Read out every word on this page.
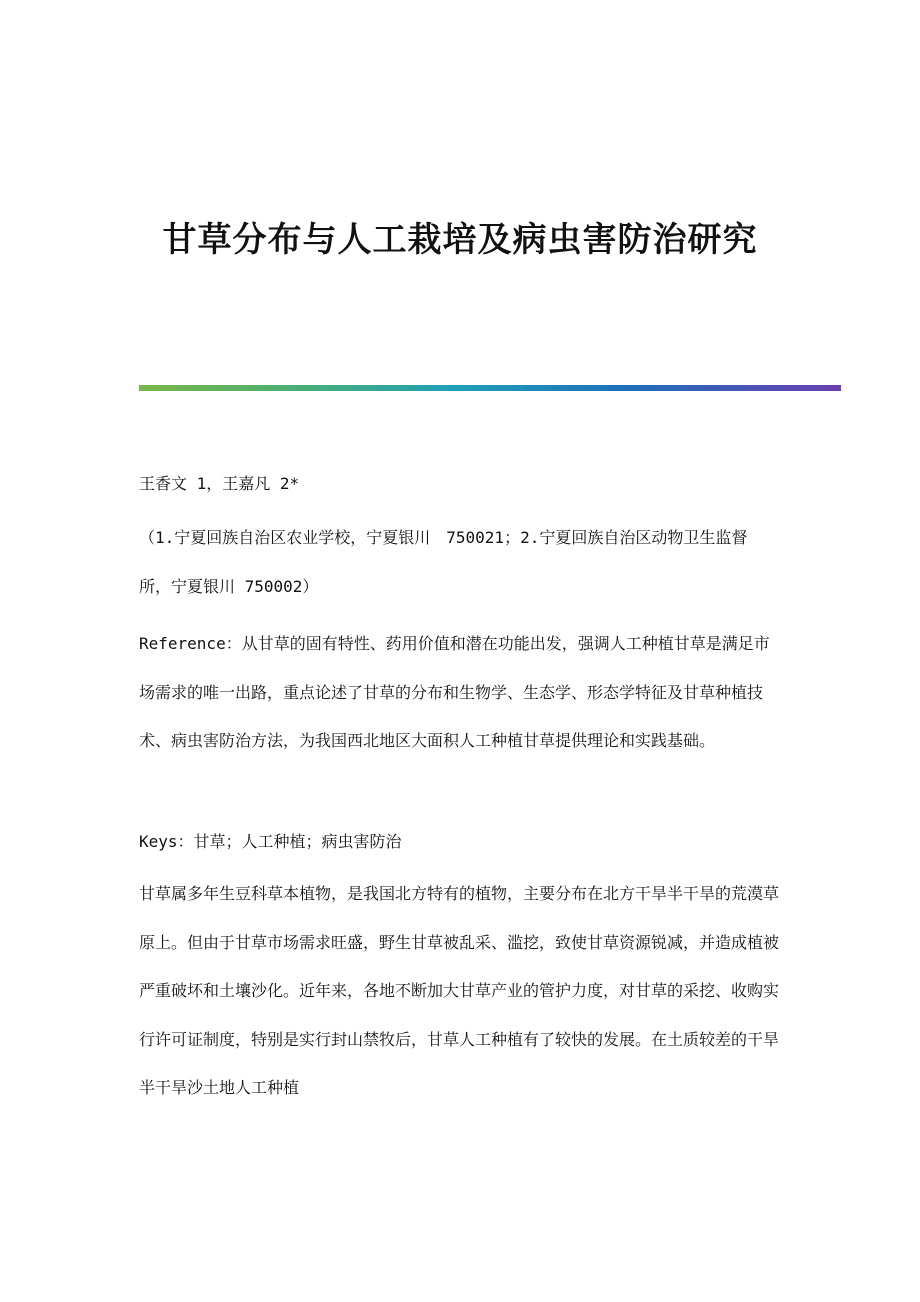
甘草分布与人工栽培及病虫害防治研究

王香文 1，王嘉凡 2*

（1.宁夏回族自治区农业学校，宁夏银川　750021；2.宁夏回族自治区动物卫生监督所，宁夏银川 750002）

Reference：从甘草的固有特性、药用价值和潜在功能出发，强调人工种植甘草是满足市场需求的唯一出路，重点论述了甘草的分布和生物学、生态学、形态学特征及甘草种植技术、病虫害防治方法，为我国西北地区大面积人工种植甘草提供理论和实践基础。

Keys：甘草；人工种植；病虫害防治

甘草属多年生豆科草本植物，是我国北方特有的植物，主要分布在北方干旱半干旱的荒漠草原上。但由于甘草市场需求旺盛，野生甘草被乱采、滥挖，致使甘草资源锐减，并造成植被严重破坏和土壤沙化。近年来，各地不断加大甘草产业的管护力度，对甘草的采挖、收购实行许可证制度，特别是实行封山禁牧后，甘草人工种植有了较快的发展。在土质较差的干旱半干旱沙土地人工种植
